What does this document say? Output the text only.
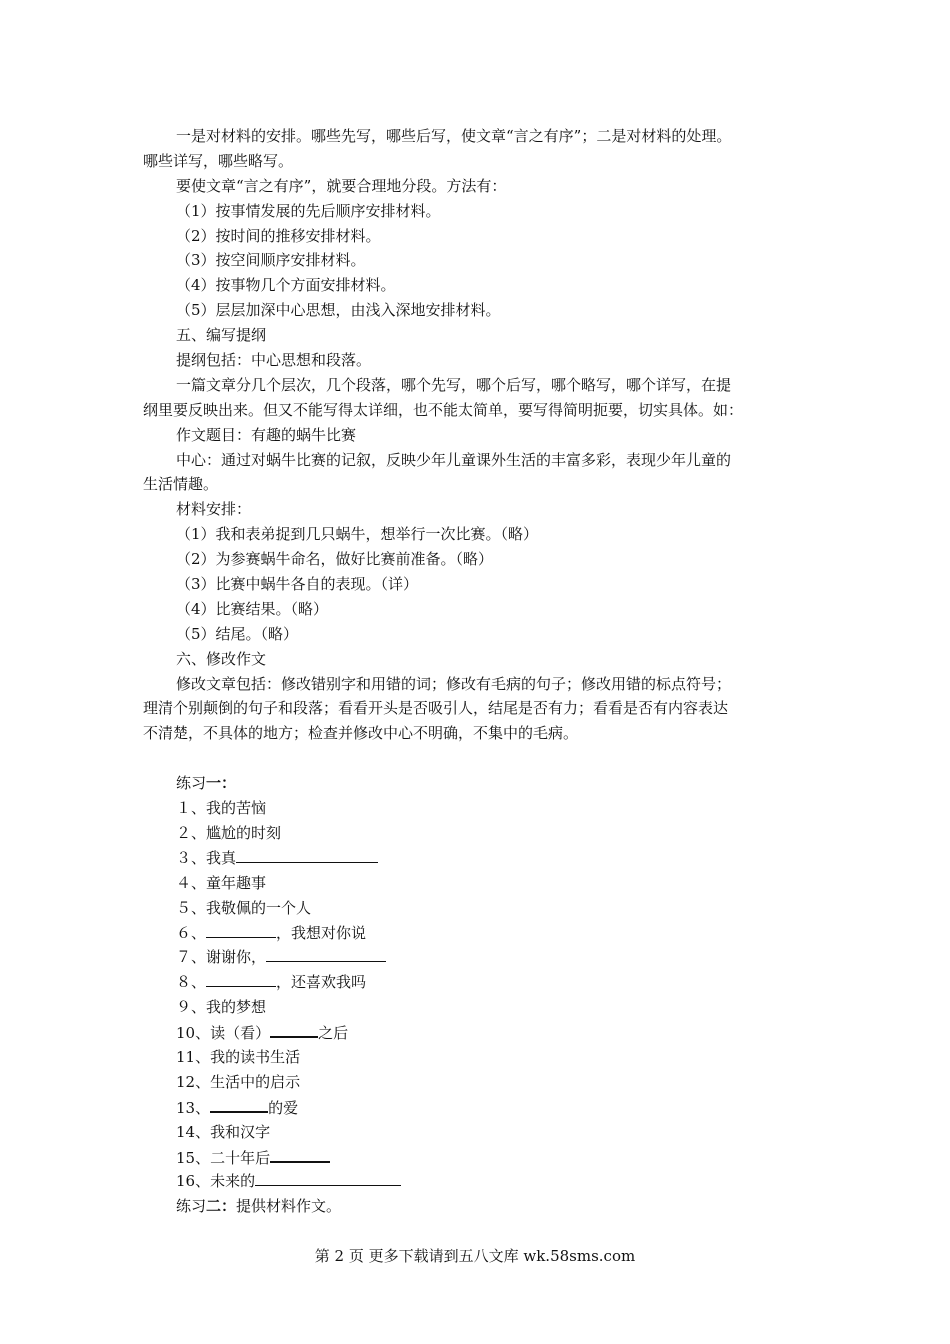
一是对材料的安排。哪些先写，哪些后写，使文章“言之有序”；二是对材料的处理。
哪些详写，哪些略写。
要使文章“言之有序”，就要合理地分段。方法有：
（1）按事情发展的先后顺序安排材料。
（2）按时间的推移安排材料。
（3）按空间顺序安排材料。
（4）按事物几个方面安排材料。
（5）层层加深中心思想，由浅入深地安排材料。
五、编写提纲
提纲包括：中心思想和段落。
一篇文章分几个层次，几个段落，哪个先写，哪个后写，哪个略写，哪个详写，在提
纲里要反映出来。但又不能写得太详细，也不能太简单，要写得简明扼要，切实具体。如：
作文题目：有趣的蜗牛比赛
中心：通过对蜗牛比赛的记叙，反映少年儿童课外生活的丰富多彩，表现少年儿童的
生活情趣。
材料安排：
（1）我和表弟捉到几只蜗牛，想举行一次比赛。（略）
（2）为参赛蜗牛命名，做好比赛前准备。（略）
（3）比赛中蜗牛各自的表现。（详）
（4）比赛结果。（略）
（5）结尾。（略）
六、修改作文
修改文章包括：修改错别字和用错的词；修改有毛病的句子；修改用错的标点符号；
理清个别颠倒的句子和段落；看看开头是否吸引人，结尾是否有力；看看是否有内容表达
不清楚，不具体的地方；检查并修改中心不明确，不集中的毛病。
练习一：
１、我的苦恼
２、尴尬的时刻
３、我真
４、童年趣事
５、我敬佩的一个人
６、	，我想对你说
７、谢谢你，
８、	，还喜欢我吗
９、我的梦想
10、读（看）	之后
11、我的读书生活
12、生活中的启示
13、	的爱
14、我和汉字
15、二十年后
16、未来的
练习二：提供材料作文。
第 2 页 更多下载请到五八文库 wk.58sms.com
